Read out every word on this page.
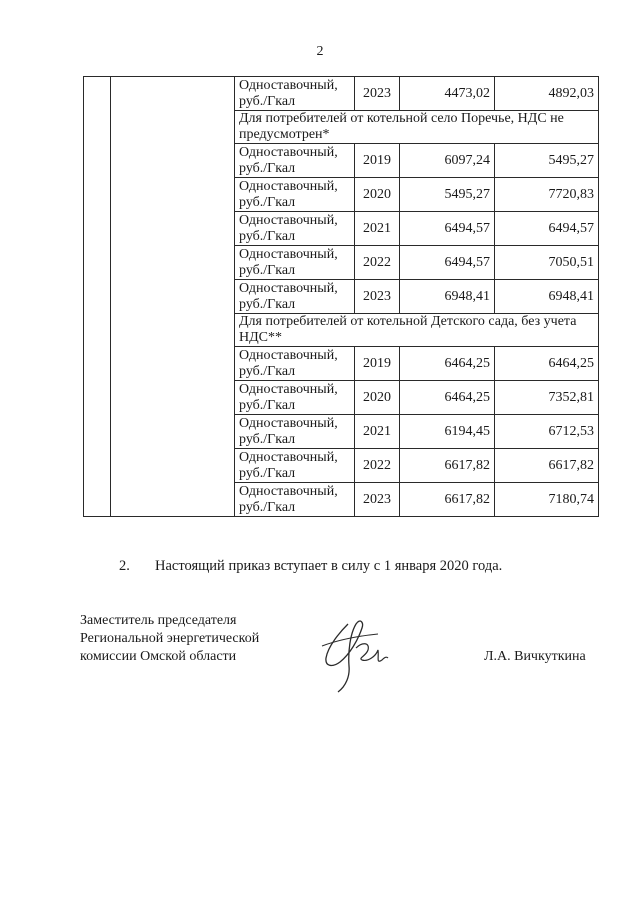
2
		Одноставочный, руб./Гкал	2023	4473,02	4892,03
		Для потребителей от котельной село Поречье, НДС не предусмотрен*			
		Одноставочный, руб./Гкал	2019	6097,24	5495,27
		Одноставочный, руб./Гкал	2020	5495,27	7720,83
		Одноставочный, руб./Гкал	2021	6494,57	6494,57
		Одноставочный, руб./Гкал	2022	6494,57	7050,51
		Одноставочный, руб./Гкал	2023	6948,41	6948,41
		Для потребителей от котельной Детского сада, без учета НДС**			
		Одноставочный, руб./Гкал	2019	6464,25	6464,25
		Одноставочный, руб./Гкал	2020	6464,25	7352,81
		Одноставочный, руб./Гкал	2021	6194,45	6712,53
		Одноставочный, руб./Гкал	2022	6617,82	6617,82
		Одноставочный, руб./Гкал	2023	6617,82	7180,74
2. Настоящий приказ вступает в силу с 1 января 2020 года.
Заместитель председателя
Региональной энергетической
комиссии Омской области	Л.А. Вичкуткина
